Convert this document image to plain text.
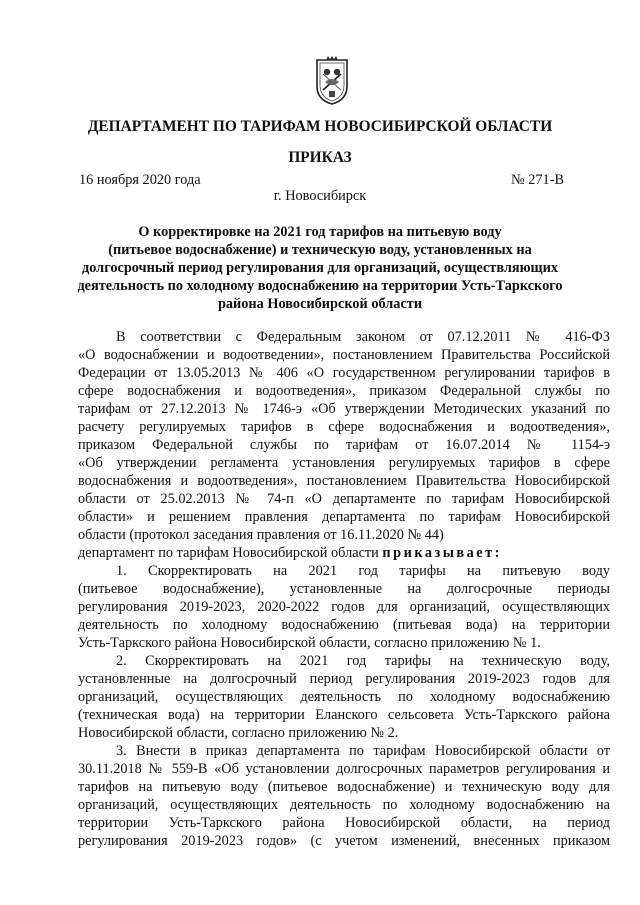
ДЕПАРТАМЕНТ ПО ТАРИФАМ НОВОСИБИРСКОЙ ОБЛАСТИ
ПРИКАЗ
16 ноября 2020 года	№ 271-В
г. Новосибирск
О корректировке на 2021 год тарифов на питьевую воду
(питьевое водоснабжение) и техническую воду, установленных на
долгосрочный период регулирования для организаций, осуществляющих
деятельность по холодному водоснабжению на территории Усть-Таркского
района Новосибирской области
В соответствии с Федеральным законом от 07.12.2011 № 416-ФЗ
«О водоснабжении и водоотведении», постановлением Правительства Российской
Федерации от 13.05.2013 № 406 «О государственном регулировании тарифов в
сфере водоснабжения и водоотведения», приказом Федеральной службы по
тарифам от 27.12.2013 № 1746-э «Об утверждении Методических указаний по
расчету регулируемых тарифов в сфере водоснабжения и водоотведения»,
приказом Федеральной службы по тарифам от 16.07.2014 № 1154-э
«Об утверждении регламента установления регулируемых тарифов в сфере
водоснабжения и водоотведения», постановлением Правительства Новосибирской
области от 25.02.2013 № 74-п «О департаменте по тарифам Новосибирской
области» и решением правления департамента по тарифам Новосибирской
области (протокол заседания правления от 16.11.2020 № 44)
департамент по тарифам Новосибирской области приказывает:
1. Скорректировать на 2021 год тарифы на питьевую воду
(питьевое водоснабжение), установленные на долгосрочные периоды
регулирования 2019-2023, 2020-2022 годов для организаций, осуществляющих
деятельность по холодному водоснабжению (питьевая вода) на территории
Усть-Таркского района Новосибирской области, согласно приложению № 1.
2. Скорректировать на 2021 год тарифы на техническую воду,
установленные на долгосрочный период регулирования 2019-2023 годов для
организаций, осуществляющих деятельность по холодному водоснабжению
(техническая вода) на территории Еланского сельсовета Усть-Таркского района
Новосибирской области, согласно приложению № 2.
3. Внести в приказ департамента по тарифам Новосибирской области от
30.11.2018 № 559-В «Об установлении долгосрочных параметров регулирования и
тарифов на питьевую воду (питьевое водоснабжение) и техническую воду для
организаций, осуществляющих деятельность по холодному водоснабжению на
территории Усть-Таркского района Новосибирской области, на период
регулирования 2019-2023 годов» (с учетом изменений, внесенных приказом
